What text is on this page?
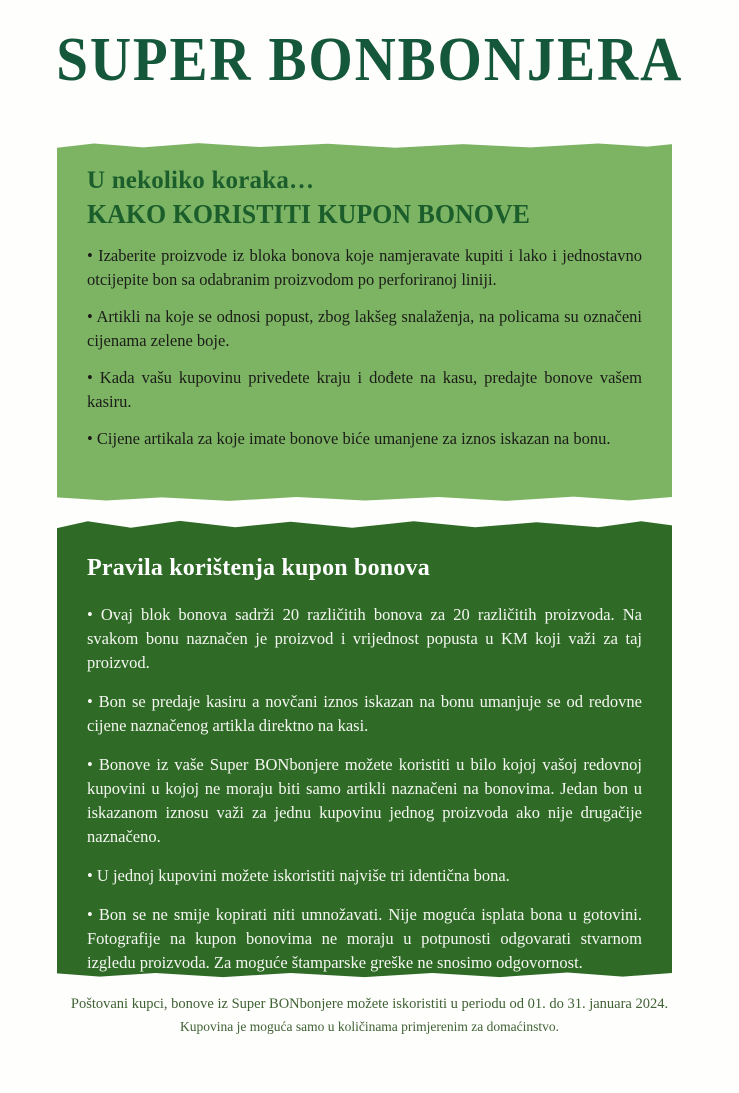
SUPER BONBONJERA
U nekoliko koraka…
KAKO KORISTITI KUPON BONOVE
• Izaberite proizvode iz bloka bonova koje namjeravate kupiti i lako i jednostavno otcijepite bon sa odabranim proizvodom po perforiranoj liniji.
• Artikli na koje se odnosi popust, zbog lakšeg snalaženja, na policama su označeni cijenama zelene boje.
• Kada vašu kupovinu privedete kraju i dođete na kasu, predajte bonove vašem kasiru.
• Cijene artikala za koje imate bonove biće umanjene za iznos iskazan na bonu.
Pravila korištenja kupon bonova
• Ovaj blok bonova sadrži 20 različitih bonova za 20 različitih proizvoda. Na svakom bonu naznačen je proizvod i vrijednost popusta u KM koji važi za taj proizvod.
• Bon se predaje kasiru a novčani iznos iskazan na bonu umanjuje se od redovne cijene naznačenog artikla direktno na kasi.
• Bonove iz vaše Super BONbonjere možete koristiti u bilo kojoj vašoj redovnoj kupovini u kojoj ne moraju biti samo artikli naznačeni na bonovima. Jedan bon u iskazanom iznosu važi za jednu kupovinu jednog proizvoda ako nije drugačije naznačeno.
• U jednoj kupovini možete iskoristiti najviše tri identična bona.
• Bon se ne smije kopirati niti umnožavati. Nije moguća isplata bona u gotovini. Fotografije na kupon bonovima ne moraju u potpunosti odgovarati stvarnom izgledu proizvoda. Za moguće štamparske greške ne snosimo odgovornost.

Poštovani kupci, bonove iz Super BONbonjere možete iskoristiti u periodu od 01. do 31. januara 2024.

Kupovina je moguća samo u količinama primjerenim za domaćinstvo.
